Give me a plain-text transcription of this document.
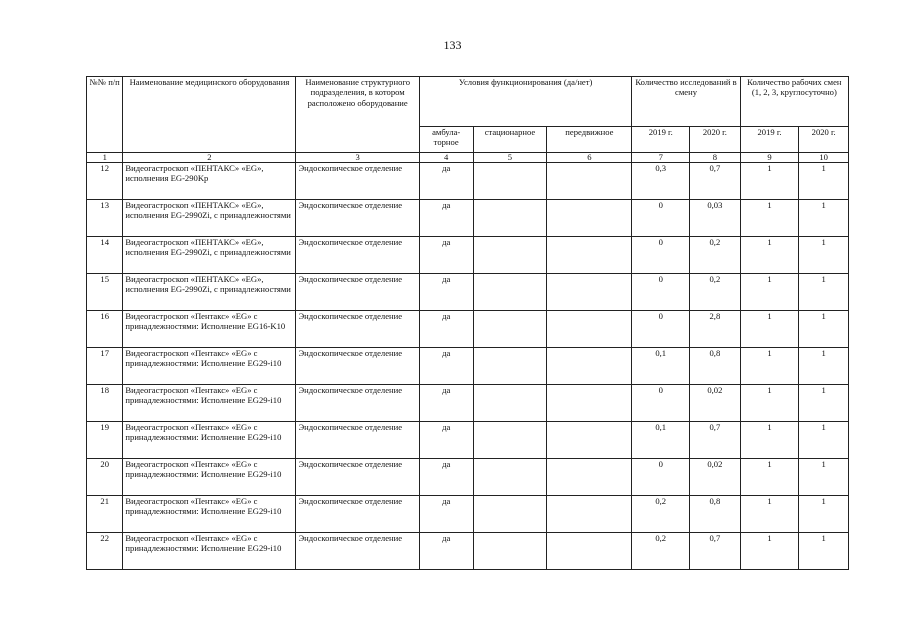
133
№№ п/п	Наименование медицинского оборудования	Наименование структурного подразделения, в котором расположено оборудование	Условия функционирования (да/нет)			Количество исследований в смену		Количество рабочих смен (1, 2, 3, круглосуточно)	
			амбула-торное	стационарное	передвижное	2019 г.	2020 г.	2019 г.	2020 г.
1	2	3	4	5	6	7	8	9	10
12	Видеогастроскоп «ПЕНТАКС» «EG», исполнения EG-290Kp	Эндоскопическое отделение	да			0,3	0,7	1	1
13	Видеогастроскоп «ПЕНТАКС» «EG», исполнения EG-2990Zi, с принадлежностями	Эндоскопическое отделение	да			0	0,03	1	1
14	Видеогастроскоп «ПЕНТАКС» «EG», исполнения EG-2990Zi, с принадлежностями	Эндоскопическое отделение	да			0	0,2	1	1
15	Видеогастроскоп «ПЕНТАКС» «EG», исполнения EG-2990Zi, с принадлежностями	Эндоскопическое отделение	да			0	0,2	1	1
16	Видеогастроскоп «Пентакс» «EG» с принадлежностями: Исполнение EG16-K10	Эндоскопическое отделение	да			0	2,8	1	1
17	Видеогастроскоп «Пентакс» «EG» с принадлежностями: Исполнение EG29-i10	Эндоскопическое отделение	да			0,1	0,8	1	1
18	Видеогастроскоп «Пентакс» «EG» с принадлежностями: Исполнение EG29-i10	Эндоскопическое отделение	да			0	0,02	1	1
19	Видеогастроскоп «Пентакс» «EG» с принадлежностями: Исполнение EG29-i10	Эндоскопическое отделение	да			0,1	0,7	1	1
20	Видеогастроскоп «Пентакс» «EG» с принадлежностями: Исполнение EG29-i10	Эндоскопическое отделение	да			0	0,02	1	1
21	Видеогастроскоп «Пентакс» «EG» с принадлежностями: Исполнение EG29-i10	Эндоскопическое отделение	да			0,2	0,8	1	1
22	Видеогастроскоп «Пентакс» «EG» с принадлежностями: Исполнение EG29-i10	Эндоскопическое отделение	да			0,2	0,7	1	1
